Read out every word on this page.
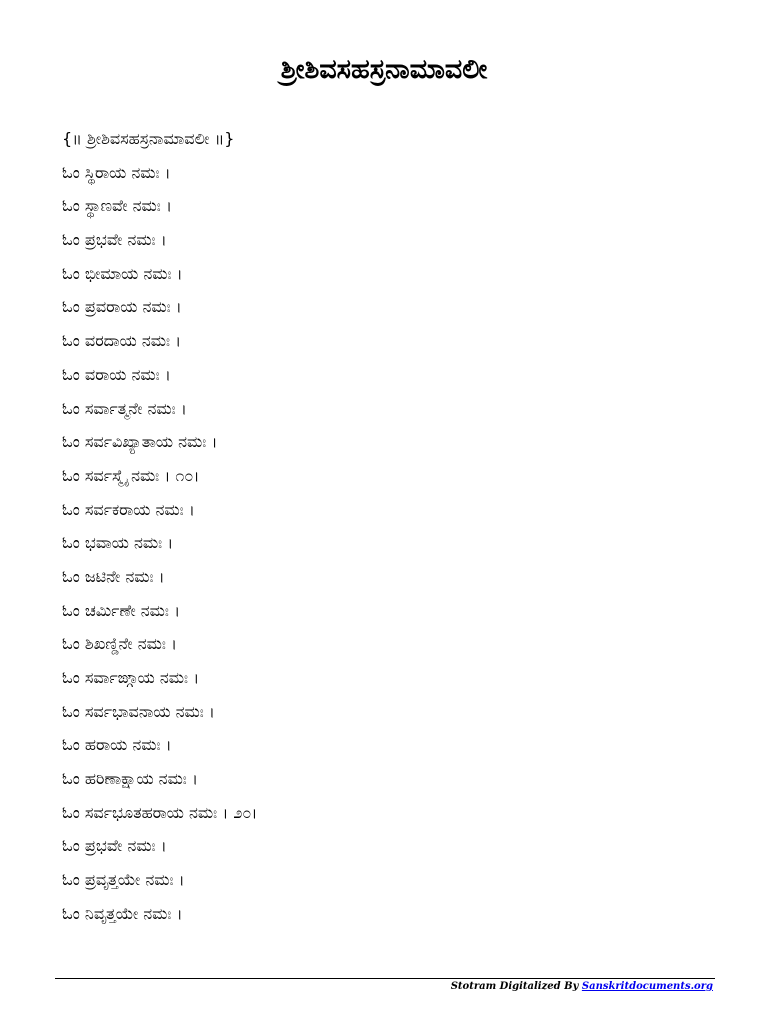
ಶ್ರೀಶಿವಸಹಸ್ರನಾಮಾವಲೀ
{॥ ಶ್ರೀಶಿವಸಹಸ್ರನಾಮಾವಲೀ ॥}
ಓಂ ಸ್ಥಿರಾಯ ನಮಃ ।
ಓಂ ಸ್ಥಾಣವೇ ನಮಃ ।
ಓಂ ಪ್ರಭವೇ ನಮಃ ।
ಓಂ ಭೀಮಾಯ ನಮಃ ।
ಓಂ ಪ್ರವರಾಯ ನಮಃ ।
ಓಂ ವರದಾಯ ನಮಃ ।
ಓಂ ವರಾಯ ನಮಃ ।
ಓಂ ಸರ್ವಾತ್ಮನೇ ನಮಃ ।
ಓಂ ಸರ್ವವಿಖ್ಯಾತಾಯ ನಮಃ ।
ಓಂ ಸರ್ವಸ್ಮೈ ನಮಃ । ೧೦।
ಓಂ ಸರ್ವಕರಾಯ ನಮಃ ।
ಓಂ ಭವಾಯ ನಮಃ ।
ಓಂ ಜಟಿನೇ ನಮಃ ।
ಓಂ ಚರ್ಮಿಣೇ ನಮಃ ।
ಓಂ ಶಿಖಣ್ಡಿನೇ ನಮಃ ।
ಓಂ ಸರ್ವಾಙ್ಗಾಯ ನಮಃ ।
ಓಂ ಸರ್ವಭಾವನಾಯ ನಮಃ ।
ಓಂ ಹರಾಯ ನಮಃ ।
ಓಂ ಹರಿಣಾಕ್ಷಾಯ ನಮಃ ।
ಓಂ ಸರ್ವಭೂತಹರಾಯ ನಮಃ । ೨೦।
ಓಂ ಪ್ರಭವೇ ನಮಃ ।
ಓಂ ಪ್ರವೃತ್ತಯೇ ನಮಃ ।
ಓಂ ನಿವೃತ್ತಯೇ ನಮಃ ।
Stotram Digitalized By Sanskritdocuments.org
